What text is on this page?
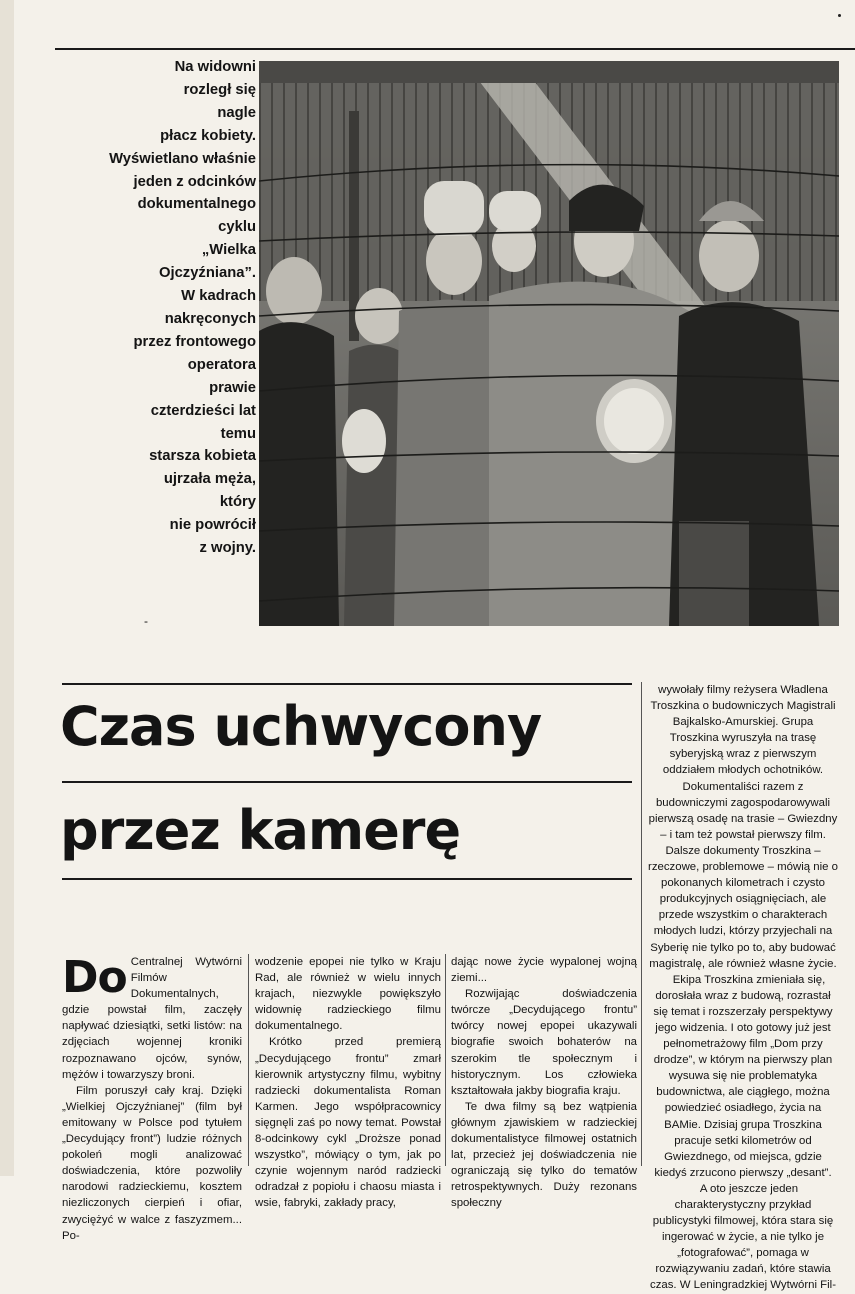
Na widowni
rozległ się
nagle
płacz kobiety.
Wyświetlano właśnie
jeden z odcinków
dokumentalnego
cyklu
„Wielka
Ojczyźniana”.
W kadrach
nakręconych
przez frontowego
operatora
prawie
czterdzieści lat
temu
starsza kobieta
ujrzała męża,
który
nie powrócił
z wojny.
-
Czas uchwycony
przez kamerę

Do Centralnej Wytwórni Filmów Dokumentalnych, gdzie powstał film, zaczęły napływać dziesiątki, setki listów: na zdjęciach wojennej kroniki rozpoznawano ojców, synów, mężów i towarzyszy broni.

Film poruszył cały kraj. Dzięki „Wielkiej Ojczyźnianej” (film był emitowany w Polsce pod tytułem „Decydujący front”) ludzie różnych pokoleń mogli analizować doświadczenia, które pozwoliły narodowi radzieckiemu, kosztem niezliczonych cierpień i ofiar, zwyciężyć w walce z faszyzmem... Po-

wodzenie epopei nie tylko w Kraju Rad, ale również w wielu innych krajach, niezwykle powiększyło widownię radzieckiego filmu dokumentalnego.

Krótko przed premierą „Decydującego frontu” zmarł kierownik artystyczny filmu, wybitny radziecki dokumentalista Roman Karmen. Jego współpracownicy sięgnęli zaś po nowy temat. Powstał 8-odcinkowy cykl „Droższe ponad wszystko”, mówiący o tym, jak po czynie wojennym naród radziecki odradzał z popiołu i chaosu miasta i wsie, fabryki, zakłady pracy,

dając nowe życie wypalonej wojną ziemi...

Rozwijając doświadczenia twórcze „Decydującego frontu” twórcy nowej epopei ukazywali biografie swoich bohaterów na szerokim tle społecznym i historycznym. Los człowieka kształtowała jakby biografia kraju.

Te dwa filmy są bez wątpienia głównym zjawiskiem w radzieckiej dokumentalistyce filmowej ostatnich lat, przecież jej doświadczenia nie ograniczają się tylko do tematów retrospektywnych. Duży rezonans społeczny

wywołały filmy reżysera Władlena Troszkina o budowniczych Magistrali Bajkalsko-Amurskiej. Grupa Troszkina wyruszyła na trasę syberyjską wraz z pierwszym oddziałem młodych ochotników. Dokumentaliści razem z budowniczymi zagospodarowywali pierwszą osadę na trasie – Gwiezdny – i tam też powstał pierwszy film. Dalsze dokumenty Troszkina – rzeczowe, problemowe – mówią nie o pokonanych kilometrach i czysto produkcyjnych osiągnięciach, ale przede wszystkim o charakterach młodych ludzi, którzy przyjechali na Syberię nie tylko po to, aby budować magistralę, ale również własne życie.

Ekipa Troszkina zmieniała się, dorosłała wraz z budową, rozrastał się temat i rozszerzały perspektywy jego widzenia. I oto gotowy już jest pełnometrażowy film „Dom przy drodze”, w którym na pierwszy plan wysuwa się nie problematyka budownictwa, ale ciągłego, można powiedzieć osiadłego, życia na BAMie. Dzisiaj grupa Troszkina pracuje setki kilometrów od Gwiezdnego, od miejsca, gdzie kiedyś zrzucono pierwszy „desant”.

A oto jeszcze jeden charakterystyczny przykład publicystyki filmowej, która stara się ingerować w życie, a nie tylko je „fotografować”, pomaga w rozwiązywaniu zadań, które stawia czas. W Leningradzkiej Wytwórni Fil-
